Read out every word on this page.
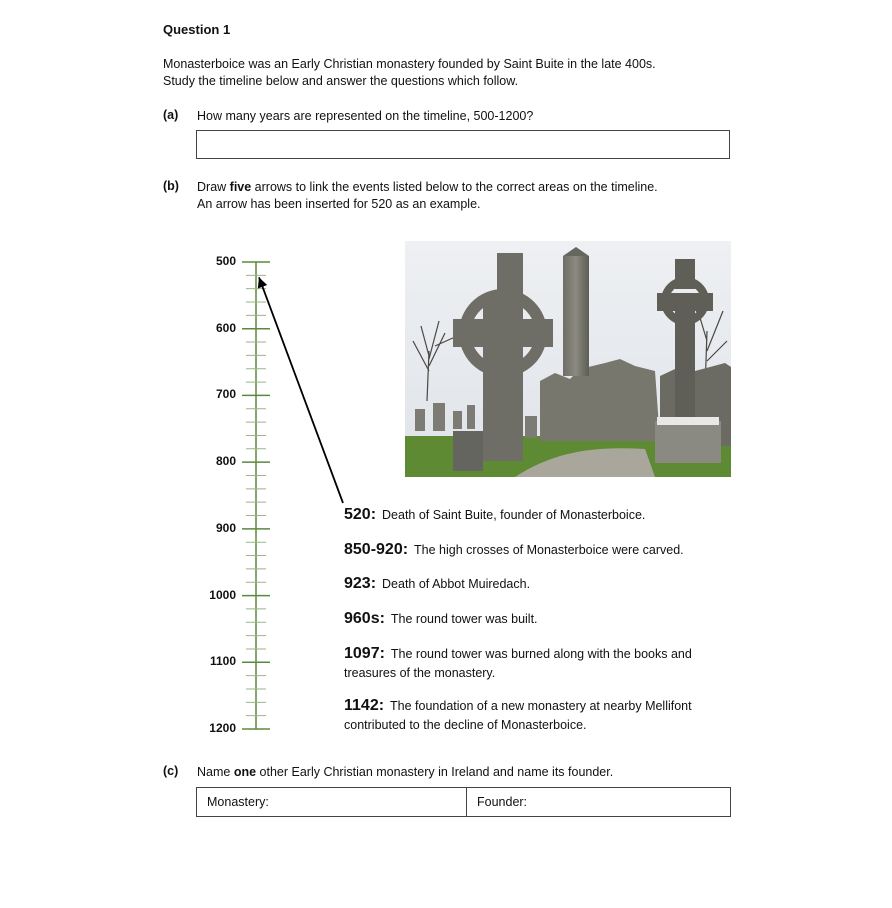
Question 1
Monasterboice was an Early Christian monastery founded by Saint Buite in the late 400s.
Study the timeline below and answer the questions which follow.
(a) How many years are represented on the timeline, 500-1200?
(b) Draw five arrows to link the events listed below to the correct areas on the timeline.
An arrow has been inserted for 520 as an example.
500
600
700
800
900
1000
1100
1200
520: Death of Saint Buite, founder of Monasterboice.
850-920: The high crosses of Monasterboice were carved.
923: Death of Abbot Muiredach.
960s: The round tower was built.
1097: The round tower was burned along with the books and
treasures of the monastery.
1142: The foundation of a new monastery at nearby Mellifont
contributed to the decline of Monasterboice.
(c) Name one other Early Christian monastery in Ireland and name its founder.
Monastery:	Founder:
